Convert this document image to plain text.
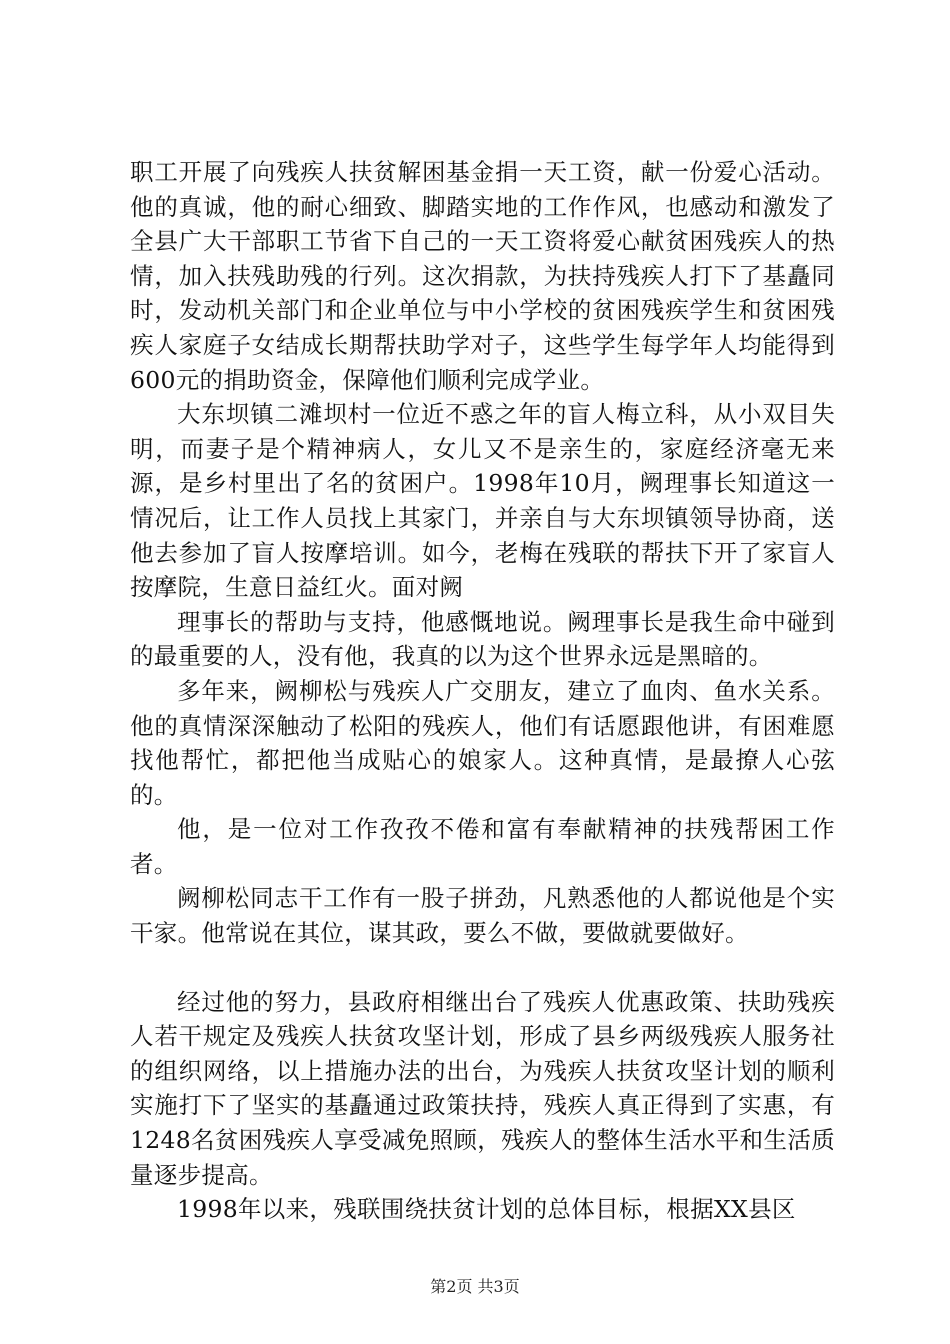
职工开展了向残疾人扶贫解困基金捐一天工资，献一份爱心活动。他的真诚，他的耐心细致、脚踏实地的工作作风，也感动和激发了全县广大干部职工节省下自己的一天工资将爱心献贫困残疾人的热情，加入扶残助残的行列。这次捐款，为扶持残疾人打下了基矗同时，发动机关部门和企业单位与中小学校的贫困残疾学生和贫困残疾人家庭子女结成长期帮扶助学对子，这些学生每学年人均能得到600元的捐助资金，保障他们顺利完成学业。

大东坝镇二滩坝村一位近不惑之年的盲人梅立科，从小双目失明，而妻子是个精神病人，女儿又不是亲生的，家庭经济毫无来源，是乡村里出了名的贫困户。1998年10月，阙理事长知道这一情况后，让工作人员找上其家门，并亲自与大东坝镇领导协商，送他去参加了盲人按摩培训。如今，老梅在残联的帮扶下开了家盲人按摩院，生意日益红火。面对阙

理事长的帮助与支持，他感慨地说。阙理事长是我生命中碰到的最重要的人，没有他，我真的以为这个世界永远是黑暗的。

多年来，阙柳松与残疾人广交朋友，建立了血肉、鱼水关系。他的真情深深触动了松阳的残疾人，他们有话愿跟他讲，有困难愿找他帮忙，都把他当成贴心的娘家人。这种真情，是最撩人心弦的。

他，是一位对工作孜孜不倦和富有奉献精神的扶残帮困工作者。

阙柳松同志干工作有一股子拼劲，凡熟悉他的人都说他是个实干家。他常说在其位，谋其政，要么不做，要做就要做好。

经过他的努力，县政府相继出台了残疾人优惠政策、扶助残疾人若干规定及残疾人扶贫攻坚计划，形成了县乡两级残疾人服务社的组织网络，以上措施办法的出台，为残疾人扶贫攻坚计划的顺利实施打下了坚实的基矗通过政策扶持，残疾人真正得到了实惠，有1248名贫困残疾人享受减免照顾，残疾人的整体生活水平和生活质量逐步提高。

1998年以来，残联围绕扶贫计划的总体目标，根据XX县区

第2页 共3页
